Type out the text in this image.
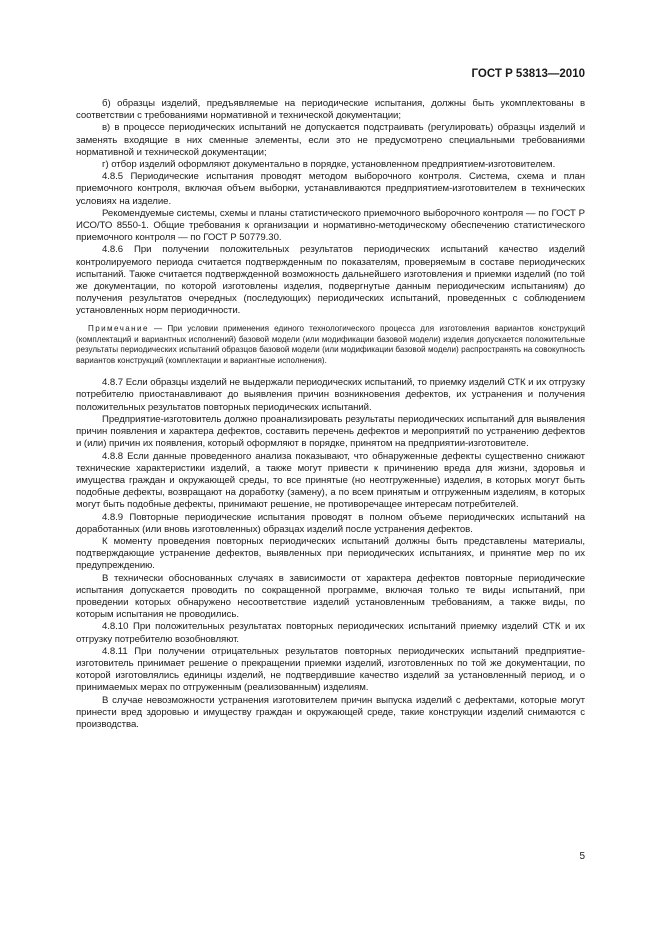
ГОСТ Р 53813—2010

б) образцы изделий, предъявляемые на периодические испытания, должны быть укомплектованы в соответствии с требованиями нормативной и технической документации;

в) в процессе периодических испытаний не допускается подстраивать (регулировать) образцы изделий и заменять входящие в них сменные элементы, если это не предусмотрено специальными требованиями нормативной и технической документации;

г) отбор изделий оформляют документально в порядке, установленном предприятием-изготовителем.

4.8.5 Периодические испытания проводят методом выборочного контроля. Система, схема и план приемочного контроля, включая объем выборки, устанавливаются предприятием-изготовителем в технических условиях на изделие.

Рекомендуемые системы, схемы и планы статистического приемочного выборочного контроля — по ГОСТ Р ИСО/ТО 8550-1. Общие требования к организации и нормативно-методическому обеспечению статистического приемочного контроля — по ГОСТ Р 50779.30.

4.8.6 При получении положительных результатов периодических испытаний качество изделий контролируемого периода считается подтвержденным по показателям, проверяемым в составе периодических испытаний. Также считается подтвержденной возможность дальнейшего изготовления и приемки изделий (по той же документации, по которой изготовлены изделия, подвергнутые данным периодическим испытаниям) до получения результатов очередных (последующих) периодических испытаний, проведенных с соблюдением установленных норм периодичности.

Примечание — При условии применения единого технологического процесса для изготовления вариантов конструкций (комплектаций и вариантных исполнений) базовой модели (или модификации базовой модели) изделия допускается положительные результаты периодических испытаний образцов базовой модели (или модификации базовой модели) распространять на совокупность вариантов конструкций (комплектации и вариантные исполнения).

4.8.7 Если образцы изделий не выдержали периодических испытаний, то приемку изделий СТК и их отгрузку потребителю приостанавливают до выявления причин возникновения дефектов, их устранения и получения положительных результатов повторных периодических испытаний.

Предприятие-изготовитель должно проанализировать результаты периодических испытаний для выявления причин появления и характера дефектов, составить перечень дефектов и мероприятий по устранению дефектов и (или) причин их появления, который оформляют в порядке, принятом на предприятии-изготовителе.

4.8.8 Если данные проведенного анализа показывают, что обнаруженные дефекты существенно снижают технические характеристики изделий, а также могут привести к причинению вреда для жизни, здоровья и имущества граждан и окружающей среды, то все принятые (но неотгруженные) изделия, в которых могут быть подобные дефекты, возвращают на доработку (замену), а по всем принятым и отгруженным изделиям, в которых могут быть подобные дефекты, принимают решение, не противоречащее интересам потребителей.

4.8.9 Повторные периодические испытания проводят в полном объеме периодических испытаний на доработанных (или вновь изготовленных) образцах изделий после устранения дефектов.

К моменту проведения повторных периодических испытаний должны быть представлены материалы, подтверждающие устранение дефектов, выявленных при периодических испытаниях, и принятие мер по их предупреждению.

В технически обоснованных случаях в зависимости от характера дефектов повторные периодические испытания допускается проводить по сокращенной программе, включая только те виды испытаний, при проведении которых обнаружено несоответствие изделий установленным требованиям, а также виды, по которым испытания не проводились.

4.8.10 При положительных результатах повторных периодических испытаний приемку изделий СТК и их отгрузку потребителю возобновляют.

4.8.11 При получении отрицательных результатов повторных периодических испытаний предприятие-изготовитель принимает решение о прекращении приемки изделий, изготовленных по той же документации, по которой изготовлялись единицы изделий, не подтвердившие качество изделий за установленный период, и о принимаемых мерах по отгруженным (реализованным) изделиям.

В случае невозможности устранения изготовителем причин выпуска изделий с дефектами, которые могут принести вред здоровью и имуществу граждан и окружающей среде, такие конструкции изделий снимаются с производства.

5
